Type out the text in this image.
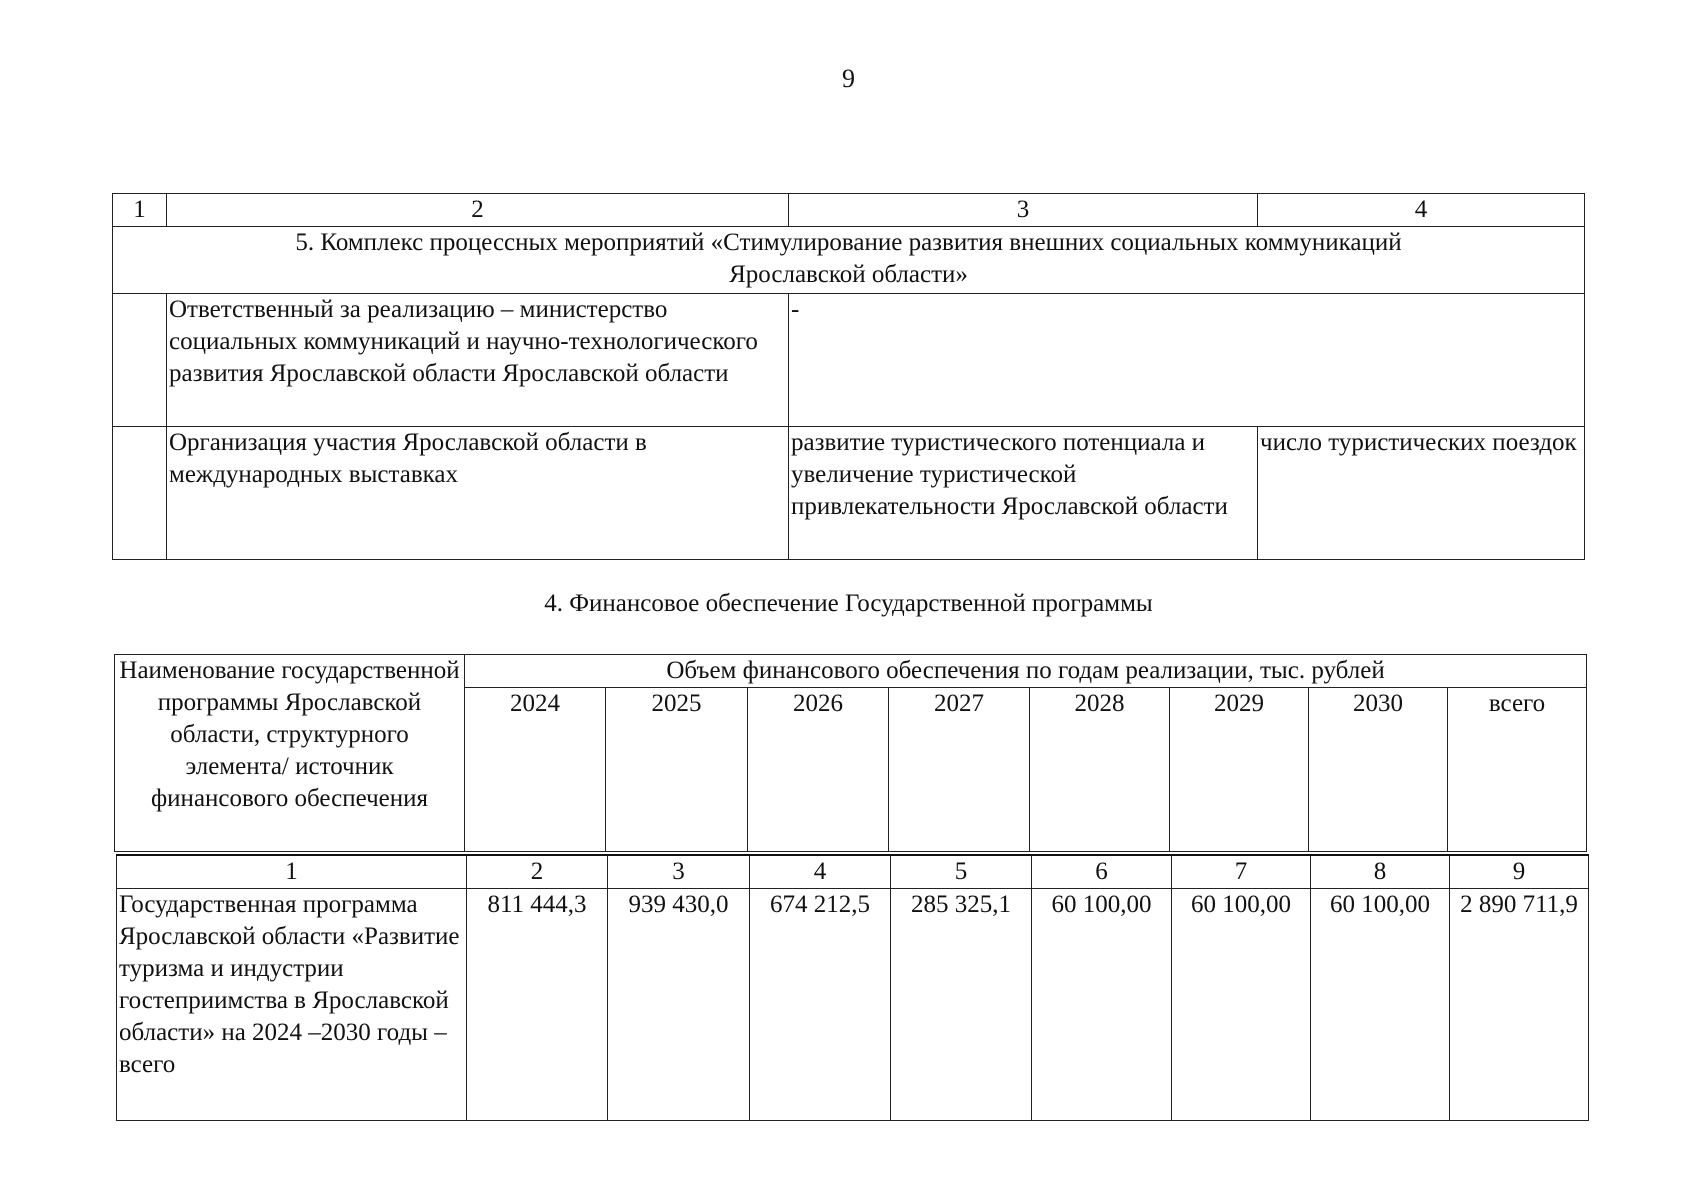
9
1	2	3	4

5. Комплекс процессных мероприятий «Стимулирование развития внешних социальных коммуникаций
Ярославской области»			

	Ответственный за реализацию – министерство социальных коммуникаций и научно-технологического развития Ярославской области Ярославской области	-	
	Организация участия Ярославской области в международных выставках	развитие туристического потенциала и увеличение туристической привлекательности Ярославской области	число туристических поездок
4. Финансовое обеспечение Государственной программы
Наименование государственной программы Ярославской области, структурного элемента/ источник финансового обеспечения	Объем финансового обеспечения по годам реализации, тыс. рублей							
	2024	2025	2026	2027	2028	2029	2030	всего
1	2	3	4	5	6	7	8	9
Государственная программа Ярославской области «Развитие туризма и индустрии гостеприимства в Ярославской области» на 2024 –2030 годы – всего	811 444,3	939 430,0	674 212,5	285 325,1	60 100,00	60 100,00	60 100,00	2 890 711,9
